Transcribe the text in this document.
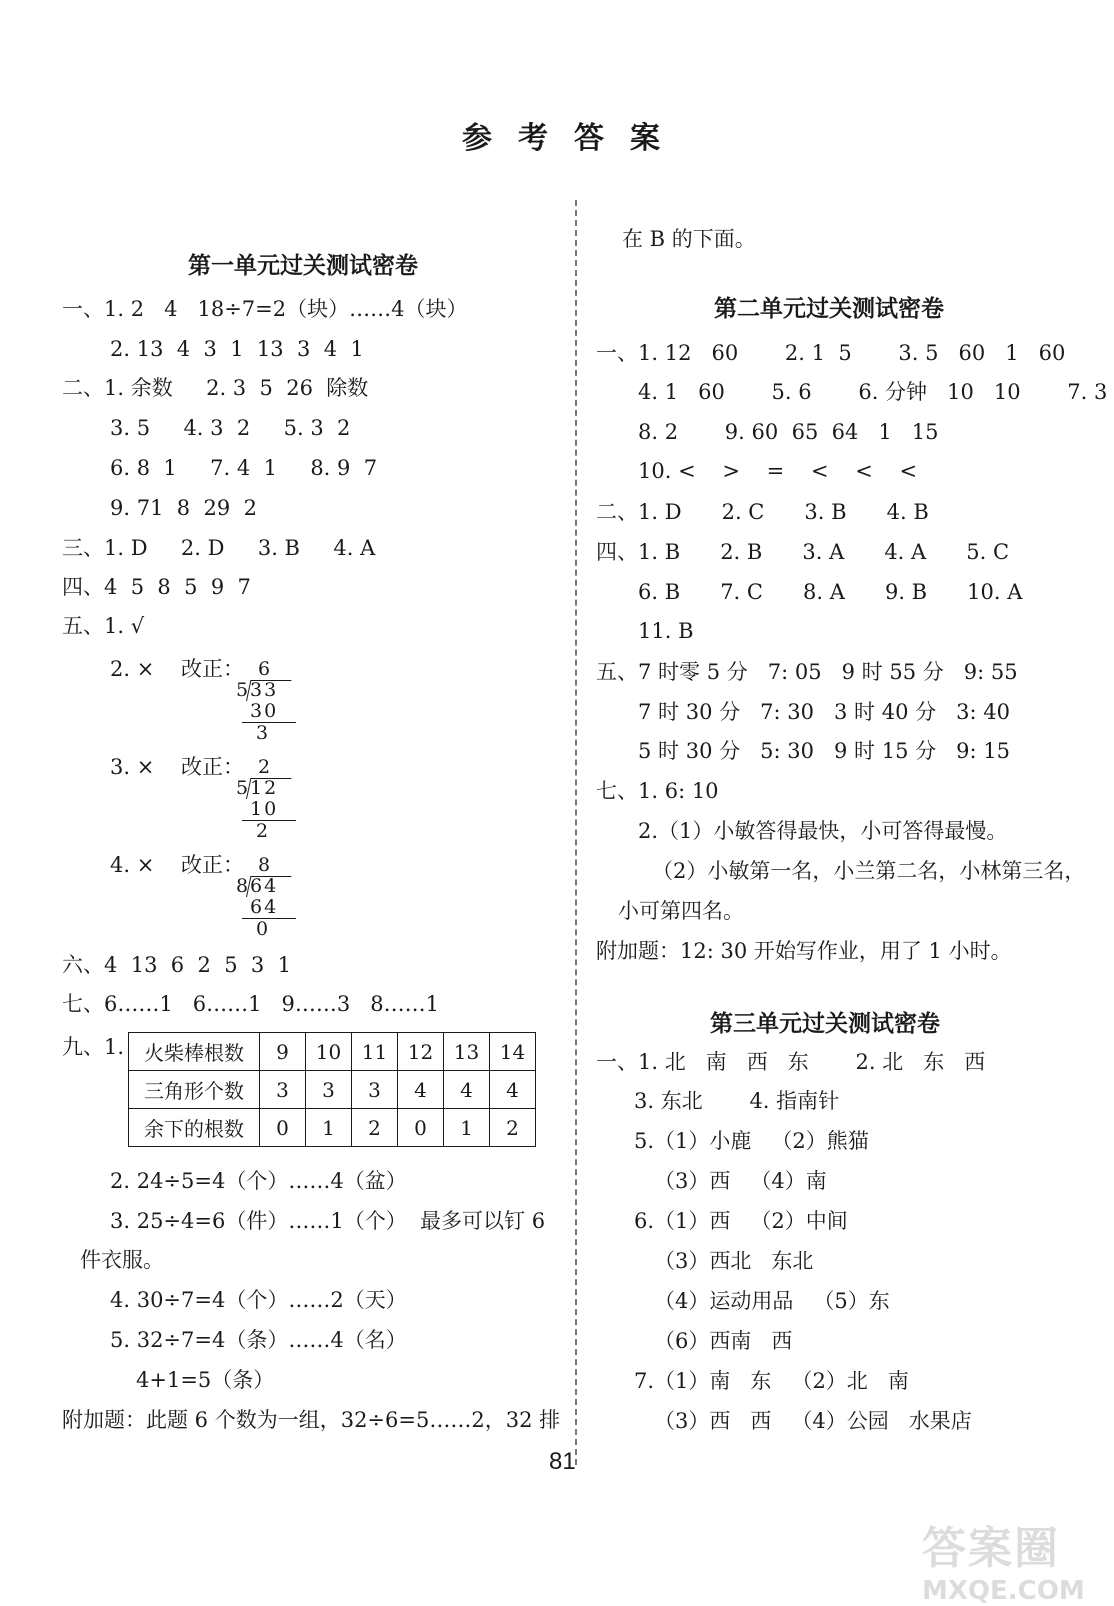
参考答案
第一单元过关测试密卷
一、1. 2   4   18÷7=2（块）……4（块）
2. 13  4  3  1  13  3  4  1
二、1. 余数     2. 3  5  26  除数
3. 5     4. 3  2     5. 3  2
6. 8  1     7. 4  1     8. 9  7
9. 71  8  29  2
三、1. D     2. D     3. B     4. A
四、4  5  8  5  9  7
五、1. √
2. ×    改正： 6
5 33
30
3
3. ×    改正： 2
5 12
10
2
4. ×    改正： 8
8 64
64
0
六、4  13  6  2  5  3  1
七、6……1   6……1   9……3   8……1
九、1. 火柴棒根数	9	10	11	12	13	14
三角形个数	3	3	3	4	4	4
余下的根数	0	1	2	0	1	2
2. 24÷5=4（个）……4（盆）
3. 25÷4=6（件）……1（个）  最多可以钉 6
件衣服。
4. 30÷7=4（个）……2（天）
5. 32÷7=4（条）……4（名）
4+1=5（条）
附加题：此题 6 个数为一组，32÷6=5……2，32 排
在 B 的下面。
第二单元过关测试密卷
一、1. 12   60       2. 1  5       3. 5   60   1   60
4. 1   60       5. 6       6. 分钟   10   10       7. 3
8. 2       9. 60  65  64   1   15
10. <    >    =    <    <    <
二、1. D      2. C      3. B      4. B
四、1. B      2. B      3. A      4. A      5. C
6. B      7. C      8. A      9. B      10. A
11. B
五、7 时零 5 分   7: 05   9 时 55 分   9: 55
7 时 30 分   7: 30   3 时 40 分   3: 40
5 时 30 分   5: 30   9 时 15 分   9: 15
七、1. 6: 10
2.（1）小敏答得最快，小可答得最慢。
（2）小敏第一名，小兰第二名，小林第三名，
小可第四名。
附加题：12: 30 开始写作业，用了 1 小时。
第三单元过关测试密卷
一、1. 北   南   西   东       2. 北   东   西
3. 东北       4. 指南针
5.（1）小鹿   （2）熊猫
（3）西   （4）南
6.（1）西   （2）中间
（3）西北   东北
（4）运动用品   （5）东
（6）西南   西
7.（1）南   东   （2）北   南
（3）西   西   （4）公园   水果店
81
答案圈
MXQE.COM
